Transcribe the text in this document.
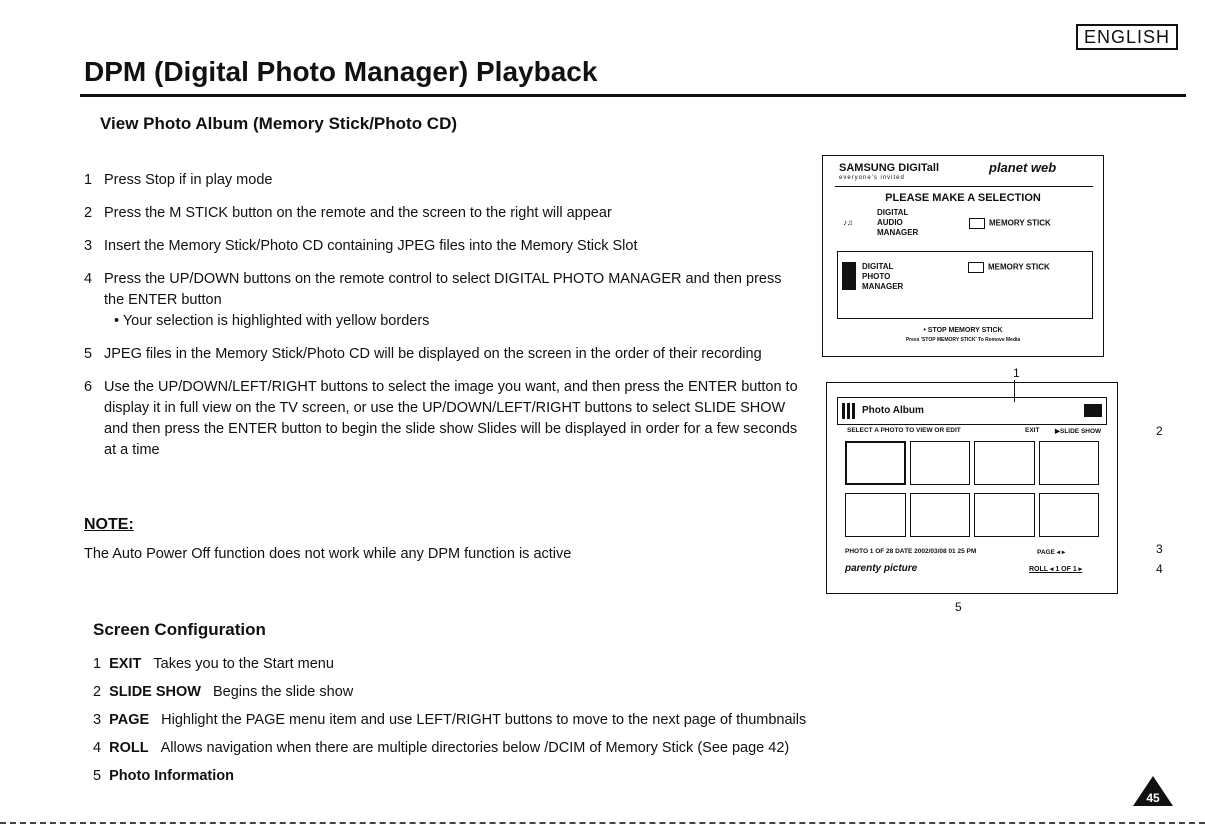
ENGLISH
DPM (Digital Photo Manager) Playback
View Photo Album (Memory Stick/Photo CD)

1 Press Stop if in play mode

2 Press the M STICK button on the remote and the screen to the right will appear

3 Insert the Memory Stick/Photo CD containing JPEG files into the Memory Stick Slot

4 Press the UP/DOWN buttons on the remote control to select DIGITAL PHOTO MANAGER and then press the ENTER button

• Your selection is highlighted with yellow borders

5 JPEG files in the Memory Stick/Photo CD will be displayed on the screen in the order of their recording

6 Use the UP/DOWN/LEFT/RIGHT buttons to select the image you want, and then press the ENTER button to display it in full view on the TV screen, or use the UP/DOWN/LEFT/RIGHT buttons to select SLIDE SHOW and then press the ENTER button to begin the slide show Slides will be displayed in order for a few seconds at a time

NOTE:
The Auto Power Off function does not work while any DPM function is active
Screen Configuration
1 EXIT Takes you to the Start menu
2 SLIDE SHOW Begins the slide show
3 PAGE Highlight the PAGE menu item and use LEFT/RIGHT buttons to move to the next page of thumbnails
4 ROLL Allows navigation when there are multiple directories below /DCIM of Memory Stick (See page 42)
5 Photo Information
SAMSUNG DIGITall
everyone's invited
planet web
PLEASE MAKE A SELECTION
DIGITAL
AUDIO
MANAGER
♪♫	MEMORY STICK
DIGITAL
PHOTO
MANAGER
MEMORY STICK
• STOP MEMORY STICK
Press 'STOP MEMORY STICK' To Remove Media
1
Photo Album
SELECT A PHOTO TO VIEW OR EDIT	EXIT ▶SLIDE SHOW
PHOTO 1 OF 28 DATE 2002/03/08 01 25 PM	PAGE ◂ ▸
parenty picture	ROLL ◂ 1 OF 1 ▸
2
3
4
5
45
